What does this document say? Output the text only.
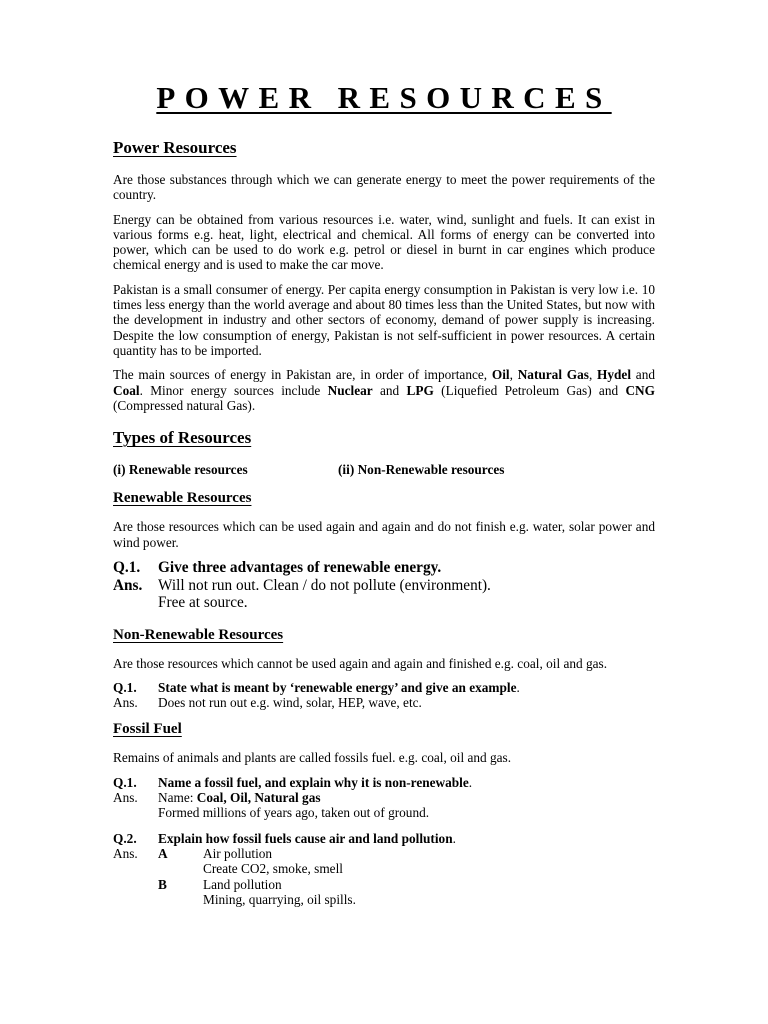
POWER RESOURCES
Power Resources

Are those substances through which we can generate energy to meet the power requirements of the country.

Energy can be obtained from various resources i.e. water, wind, sunlight and fuels. It can exist in various forms e.g. heat, light, electrical and chemical. All forms of energy can be converted into power, which can be used to do work e.g. petrol or diesel in burnt in car engines which produce chemical energy and is used to make the car move.

Pakistan is a small consumer of energy. Per capita energy consumption in Pakistan is very low i.e. 10 times less energy than the world average and about 80 times less than the United States, but now with the development in industry and other sectors of economy, demand of power supply is increasing. Despite the low consumption of energy, Pakistan is not self-sufficient in power resources. A certain quantity has to be imported.

The main sources of energy in Pakistan are, in order of importance, Oil, Natural Gas, Hydel and Coal. Minor energy sources include Nuclear and LPG (Liquefied Petroleum Gas) and CNG (Compressed natural Gas).

Types of Resources
(i) Renewable resources	(ii) Non-Renewable resources
Renewable Resources

Are those resources which can be used again and again and do not finish e.g. water, solar power and wind power.

Q.1.	Give three advantages of renewable energy.
Ans.	Will not run out. Clean / do not pollute (environment).
Free at source.
Non-Renewable Resources

Are those resources which cannot be used again and again and finished e.g. coal, oil and gas.

Q.1.	State what is meant by ‘renewable energy’ and give an example.
Ans.	Does not run out e.g. wind, solar, HEP, wave, etc.
Fossil Fuel

Remains of animals and plants are called fossils fuel. e.g. coal, oil and gas.

Q.1.	Name a fossil fuel, and explain why it is non-renewable.
Ans.	Name: Coal, Oil, Natural gas
Formed millions of years ago, taken out of ground.
Q.2.	Explain how fossil fuels cause air and land pollution.
Ans.	A	Air pollution
Create CO2, smoke, smell
B	Land pollution
Mining, quarrying, oil spills.
